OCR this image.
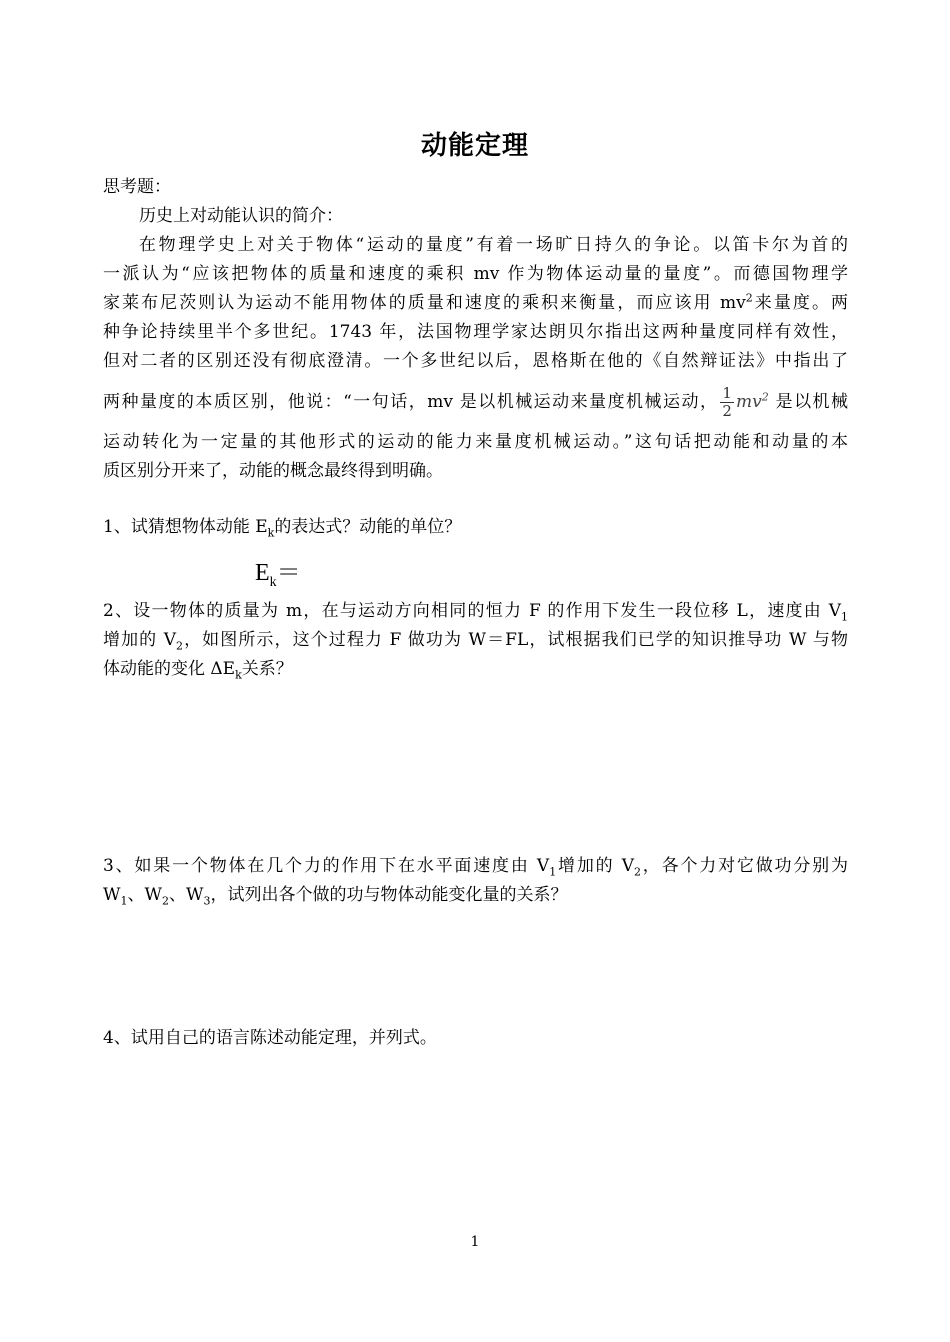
动能定理

思考题：

历史上对动能认识的简介：

在物理学史上对关于物体“运动的量度”有着一场旷日持久的争论。以笛卡尔为首的
一派认为“应该把物体的质量和速度的乘积 mv 作为物体运动量的量度”。而德国物理学
家莱布尼茨则认为运动不能用物体的质量和速度的乘积来衡量，而应该用 $mv^2$来量度。两
种争论持续里半个多世纪。1743 年，法国物理学家达朗贝尔指出这两种量度同样有效性，
但对二者的区别还没有彻底澄清。一个多世纪以后，恩格斯在他的《自然辩证法》中指出了
两种量度的本质区别，他说：“一句话，mv 是以机械运动来量度机械运动， $\frac{1}{2} mv^2$ 是以机械
运动转化为一定量的其他形式的运动的能力来量度机械运动。”这句话把动能和动量的本
质区别分开来了，动能的概念最终得到明确。

1、试猜想物体动能 $E_k$的表达式？动能的单位？

$E_k=$
2、设一物体的质量为 m，在与运动方向相同的恒力 F 的作用下发生一段位移 L，速度由 $V_1$
增加的 $V_2$，如图所示，这个过程力 F 做功为 W＝FL，试根据我们已学的知识推导功 W 与物
体动能的变化 $\Delta E_k$关系？
3、如果一个物体在几个力的作用下在水平面速度由 $V_1$增加的 $V_2$，各个力对它做功分别为
$W_1$、$W_2$、$W_3$，试列出各个做的功与物体动能变化量的关系？

4、试用自己的语言陈述动能定理，并列式。

1
